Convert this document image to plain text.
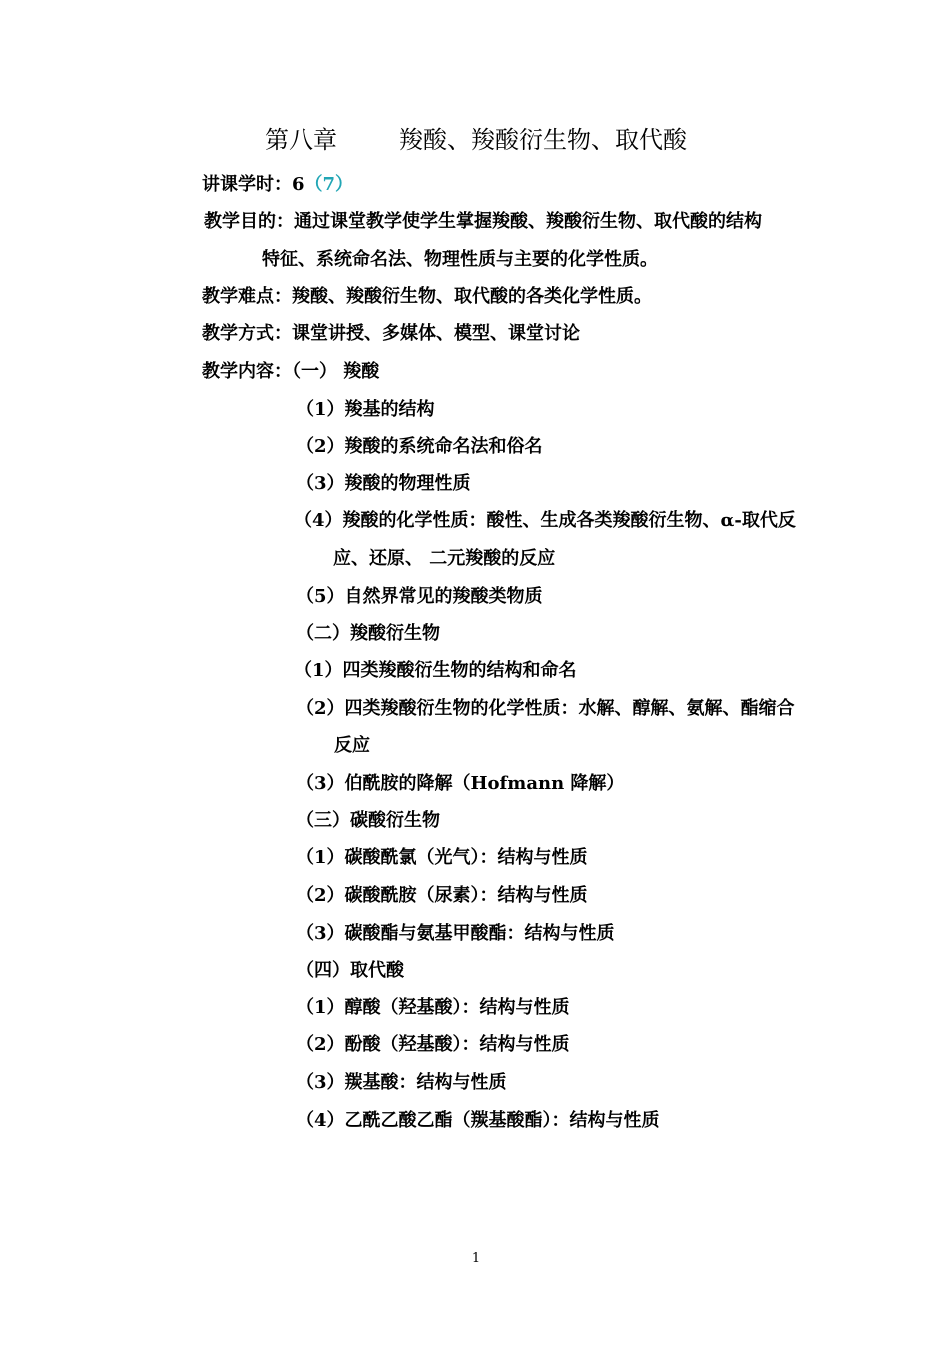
第八章	羧酸、羧酸衍生物、取代酸
讲课学时：6（7）
教学目的：通过课堂教学使学生掌握羧酸、羧酸衍生物、取代酸的结构
特征、系统命名法、物理性质与主要的化学性质。
教学难点：羧酸、羧酸衍生物、取代酸的各类化学性质。
教学方式：课堂讲授、多媒体、模型、课堂讨论
教学内容：（一） 羧酸
（1）羧基的结构
（2）羧酸的系统命名法和俗名
（3）羧酸的物理性质
（4）羧酸的化学性质：酸性、生成各类羧酸衍生物、α-取代反
应、还原、 二元羧酸的反应
（5）自然界常见的羧酸类物质
（二）羧酸衍生物
（1）四类羧酸衍生物的结构和命名
（2）四类羧酸衍生物的化学性质：水解、醇解、氨解、酯缩合
反应
（3）伯酰胺的降解（Hofmann 降解）
（三）碳酸衍生物
（1）碳酸酰氯（光气）：结构与性质
（2）碳酸酰胺（尿素）：结构与性质
（3）碳酸酯与氨基甲酸酯：结构与性质
（四）取代酸
（1）醇酸（羟基酸）：结构与性质
（2）酚酸（羟基酸）：结构与性质
（3）羰基酸：结构与性质
（4）乙酰乙酸乙酯（羰基酸酯）：结构与性质
1
